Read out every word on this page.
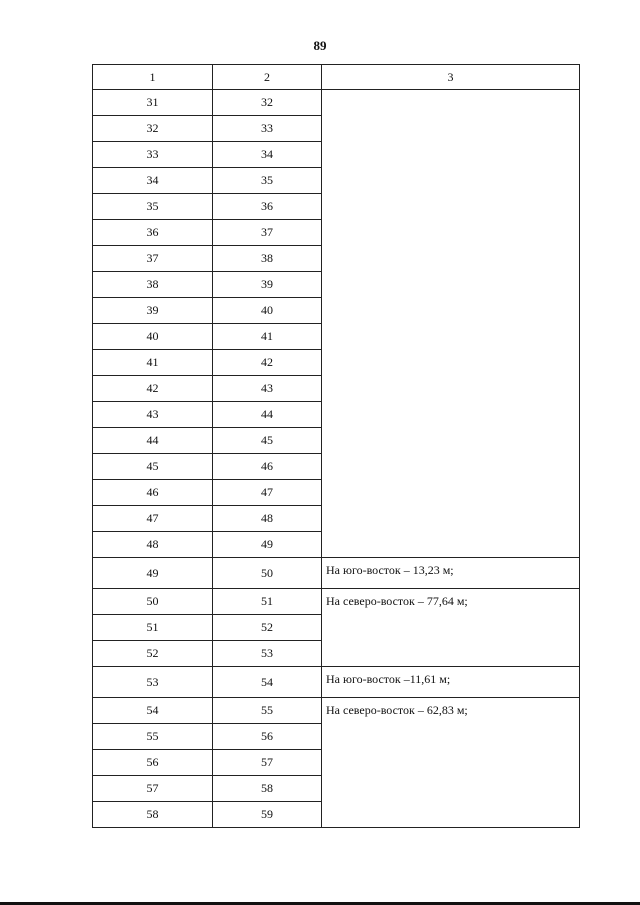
89
1	2	3
31	32	
32	33	
33	34	
34	35	
35	36	
36	37	
37	38	
38	39	
39	40	
40	41	
41	42	
42	43	
43	44	
44	45	
45	46	
46	47	
47	48	
48	49	
49	50	На юго-восток – 13,23 м;
50	51	На северо-восток – 77,64 м;
51	52	
52	53	
53	54	На юго-восток –11,61 м;
54	55	На северо-восток – 62,83 м;
55	56	
56	57	
57	58	
58	59	
